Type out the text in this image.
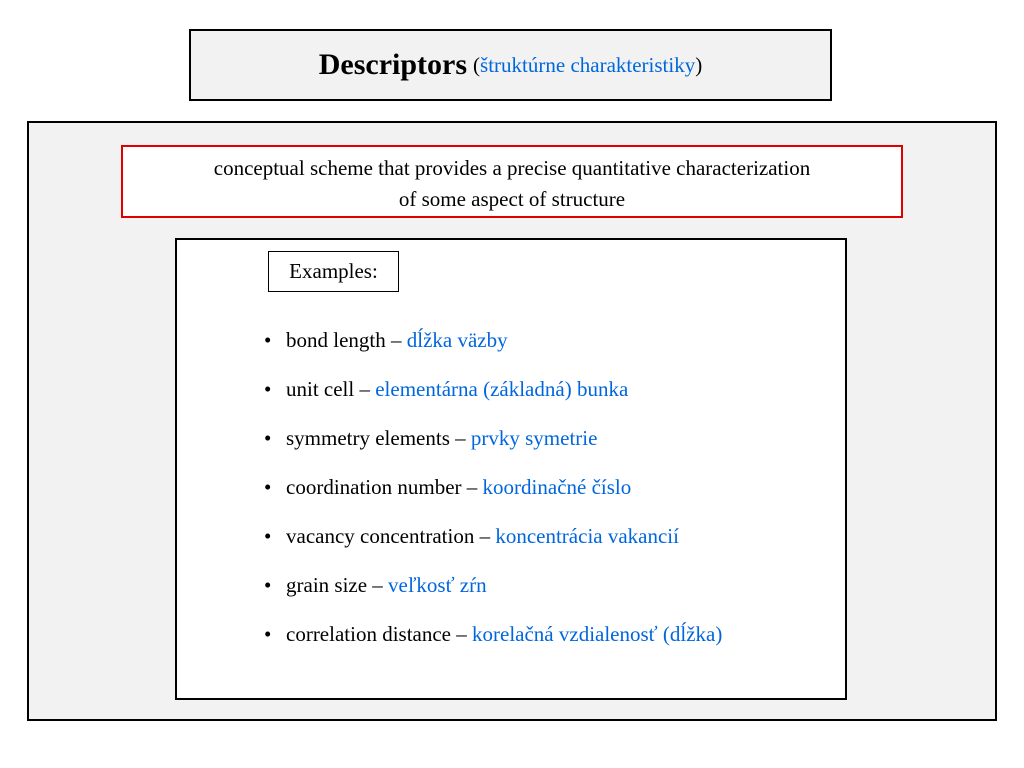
Descriptors (štruktúrne charakteristiky)
conceptual scheme that provides a precise quantitative characterization
of some aspect of structure
Examples:
• bond length – dĺžka väzby
• unit cell – elementárna (základná) bunka
• symmetry elements – prvky symetrie
• coordination number – koordinačné číslo
• vacancy concentration – koncentrácia vakancií
• grain size – veľkosť zŕn
• correlation distance – korelačná vzdialenosť (dĺžka)
